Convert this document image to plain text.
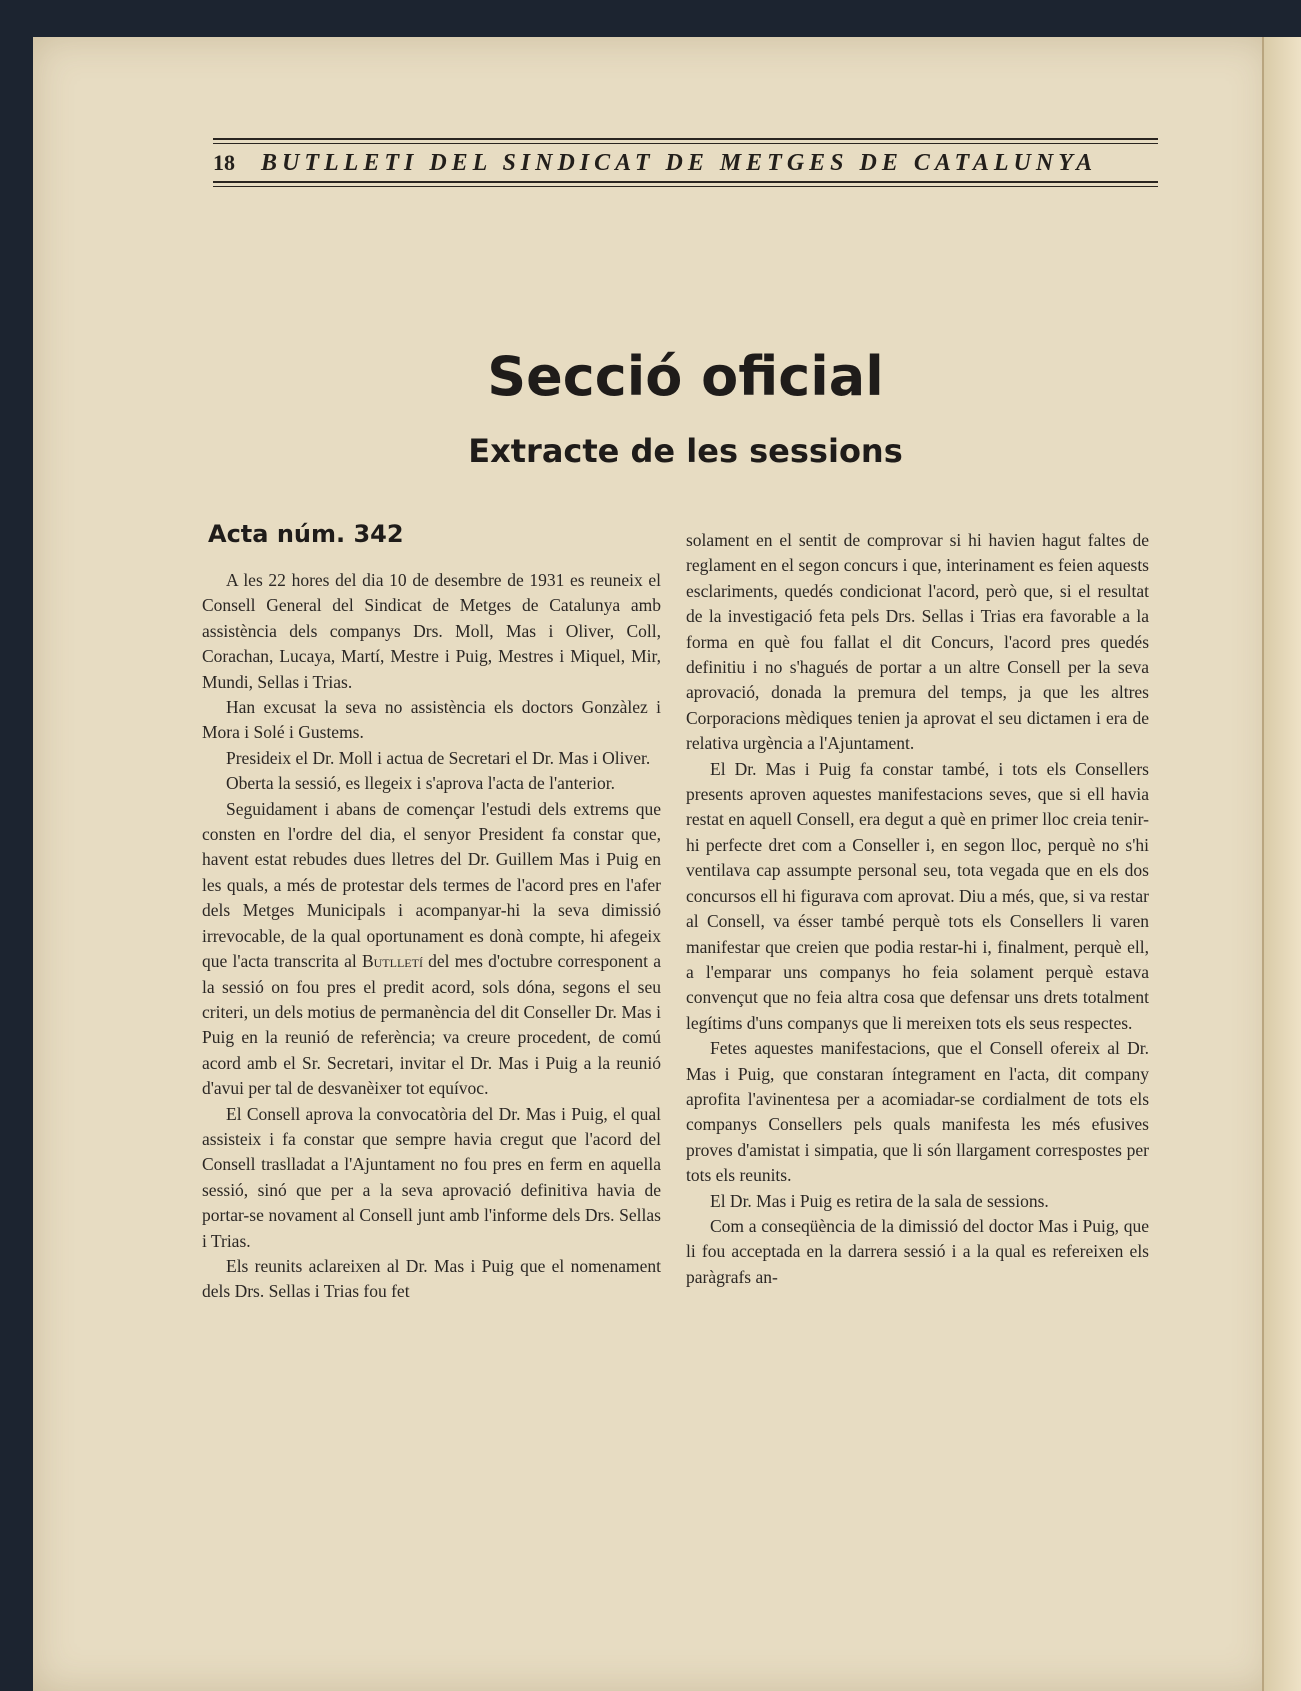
18 BUTLLETI DEL SINDICAT DE METGES DE CATALUNYA
Secció oficial
Extracte de les sessions
Acta núm. 342

A les 22 hores del dia 10 de desembre de 1931 es reuneix el Consell General del Sindicat de Metges de Catalunya amb assistència dels companys Drs. Moll, Mas i Oliver, Coll, Corachan, Lucaya, Martí, Mestre i Puig, Mestres i Miquel, Mir, Mundi, Sellas i Trias.

Han excusat la seva no assistència els doctors Gonzàlez i Mora i Solé i Gustems.

Presideix el Dr. Moll i actua de Secretari el Dr. Mas i Oliver.

Oberta la sessió, es llegeix i s'aprova l'acta de l'anterior.

Seguidament i abans de començar l'estudi dels extrems que consten en l'ordre del dia, el senyor President fa constar que, havent estat rebudes dues lletres del Dr. Guillem Mas i Puig en les quals, a més de protestar dels termes de l'acord pres en l'afer dels Metges Municipals i acompanyar-hi la seva dimissió irrevocable, de la qual oportunament es donà compte, hi afegeix que l'acta transcrita al Butlletí del mes d'octubre corresponent a la sessió on fou pres el predit acord, sols dóna, segons el seu criteri, un dels motius de permanència del dit Conseller Dr. Mas i Puig en la reunió de referència; va creure procedent, de comú acord amb el Sr. Secretari, invitar el Dr. Mas i Puig a la reunió d'avui per tal de desvanèixer tot equívoc.

El Consell aprova la convocatòria del Dr. Mas i Puig, el qual assisteix i fa constar que sempre havia cregut que l'acord del Consell traslladat a l'Ajuntament no fou pres en ferm en aquella sessió, sinó que per a la seva aprovació definitiva havia de portar-se novament al Consell junt amb l'informe dels Drs. Sellas i Trias.

Els reunits aclareixen al Dr. Mas i Puig que el nomenament dels Drs. Sellas i Trias fou fet

solament en el sentit de comprovar si hi havien hagut faltes de reglament en el segon concurs i que, interinament es feien aquests esclariments, quedés condicionat l'acord, però que, si el resultat de la investigació feta pels Drs. Sellas i Trias era favorable a la forma en què fou fallat el dit Concurs, l'acord pres quedés definitiu i no s'hagués de portar a un altre Consell per la seva aprovació, donada la premura del temps, ja que les altres Corporacions mèdiques tenien ja aprovat el seu dictamen i era de relativa urgència a l'Ajuntament.

El Dr. Mas i Puig fa constar també, i tots els Consellers presents aproven aquestes manifestacions seves, que si ell havia restat en aquell Consell, era degut a què en primer lloc creia tenir-hi perfecte dret com a Conseller i, en segon lloc, perquè no s'hi ventilava cap assumpte personal seu, tota vegada que en els dos concursos ell hi figurava com aprovat. Diu a més, que, si va restar al Consell, va ésser també perquè tots els Consellers li varen manifestar que creien que podia restar-hi i, finalment, perquè ell, a l'emparar uns companys ho feia solament perquè estava convençut que no feia altra cosa que defensar uns drets totalment legítims d'uns companys que li mereixen tots els seus respectes.

Fetes aquestes manifestacions, que el Consell ofereix al Dr. Mas i Puig, que constaran íntegrament en l'acta, dit company aprofita l'avinentesa per a acomiadar-se cordialment de tots els companys Consellers pels quals manifesta les més efusives proves d'amistat i simpatia, que li són llargament correspostes per tots els reunits.

El Dr. Mas i Puig es retira de la sala de sessions.

Com a conseqüència de la dimissió del doctor Mas i Puig, que li fou acceptada en la darrera sessió i a la qual es refereixen els paràgrafs an-
